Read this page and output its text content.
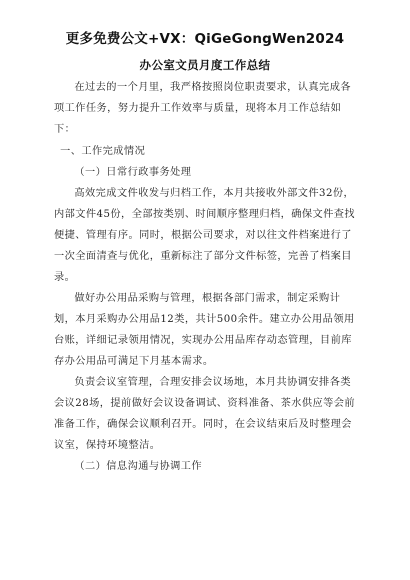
更多免费公文+VX：QiGeGongWen2024
办公室文员月度工作总结

在过去的一个月里，我严格按照岗位职责要求，认真完成各项工作任务，努力提升工作效率与质量，现将本月工作总结如下：

一、工作完成情况

（一）日常行政事务处理

高效完成文件收发与归档工作，本月共接收外部文件32份，内部文件45份，全部按类别、时间顺序整理归档，确保文件查找便捷、管理有序。同时，根据公司要求，对以往文件档案进行了一次全面清查与优化，重新标注了部分文件标签，完善了档案目录。

做好办公用品采购与管理，根据各部门需求，制定采购计划，本月采购办公用品12类，共计500余件。建立办公用品领用台账，详细记录领用情况，实现办公用品库存动态管理，目前库存办公用品可满足下月基本需求。

负责会议室管理，合理安排会议场地，本月共协调安排各类会议28场，提前做好会议设备调试、资料准备、茶水供应等会前准备工作，确保会议顺利召开。同时，在会议结束后及时整理会议室，保持环境整洁。

（二）信息沟通与协调工作
